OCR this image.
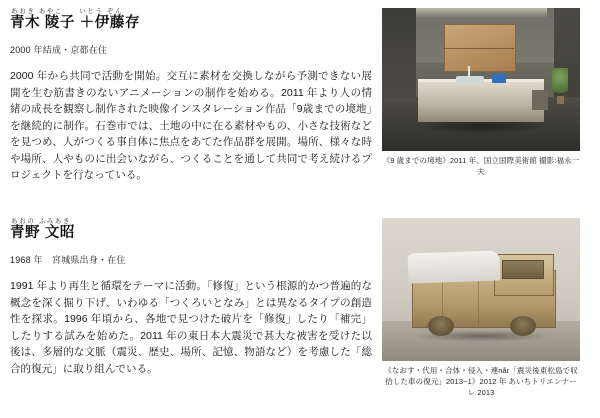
あおき あやこ　　いとう ぞん
青木 陵子 ＋伊藤存
2000 年結成・京都在住
2000 年から共同で活動を開始。交互に素材を交換しながら予測できない展開を生む筋書きのないアニメーションの制作を始める。2011 年より人の情緒の成長を観察し制作された映像インスタレーション作品「9歳までの境地」を継続的に制作。石巻市では、土地の中に在る素材やもの、小さな技術などを見つめ、人がつくる事自体に焦点をあてた作品群を展開。場所、様々な時や場所、人やものに出会いながら、つくることを通して共同で考え続けるプロジェクトを行なっている。
《9 歳までの境地》2011 年、国立国際美術館 撮影:福永一夫
あおの ふみあき
青野 文昭
1968 年　宮城県出身・在住
1991 年より再生と循環をテーマに活動。「修復」という根源的かつ普遍的な概念を深く掘り下げ、いわゆる「つくろいとなみ」とは異なるタイプの創造性を探求。1996 年頃から、各地で見つけた破片を「修復」したり「補完」したりする試みを始めた。2011 年の東日本大震災で甚大な被害を受けた以後は、多層的な文脈（震災、歴史、場所、記憶、物語など）を考慮した「総合的復元」に取り組んでいる。	《なおす・代用・合体・侵入・連når「震災後東松島で収拾した車の復元」2013~1》2012 年 あいちトリエンナーレ 2013
